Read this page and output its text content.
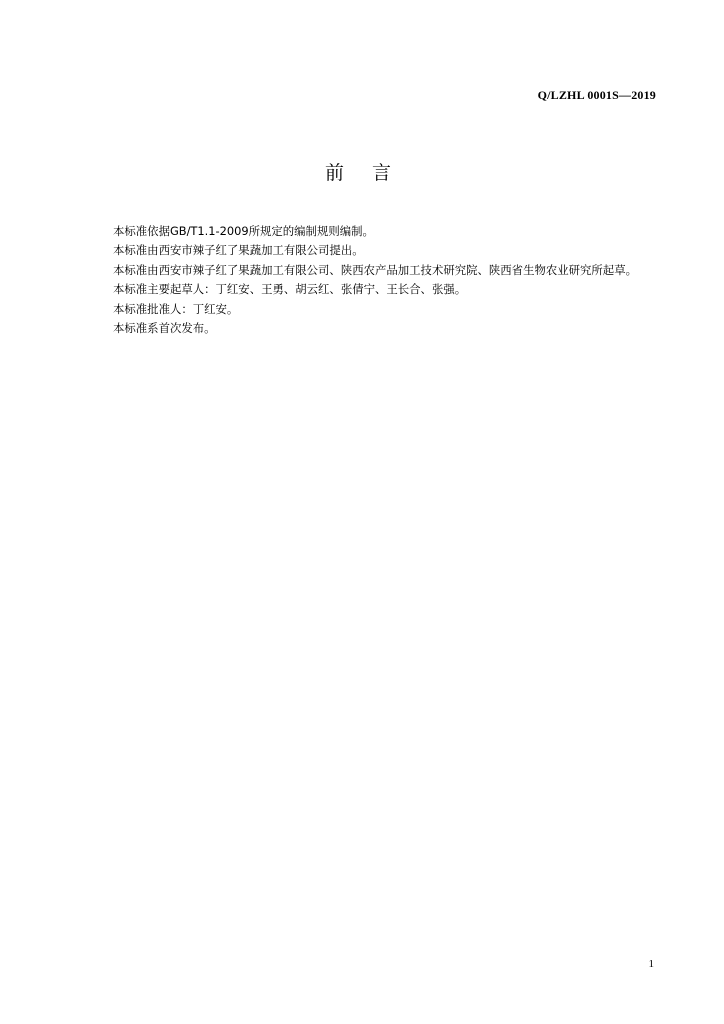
Q/LZHL 0001S—2019
前言

本标准依据GB/T1.1-2009所规定的编制规则编制。

本标准由西安市辣子红了果蔬加工有限公司提出。

本标准由西安市辣子红了果蔬加工有限公司、陕西农产品加工技术研究院、陕西省生物农业研究所起草。

本标准主要起草人：丁红安、王勇、胡云红、张倩宁、王长合、张强。

本标准批准人：丁红安。

本标准系首次发布。

1
